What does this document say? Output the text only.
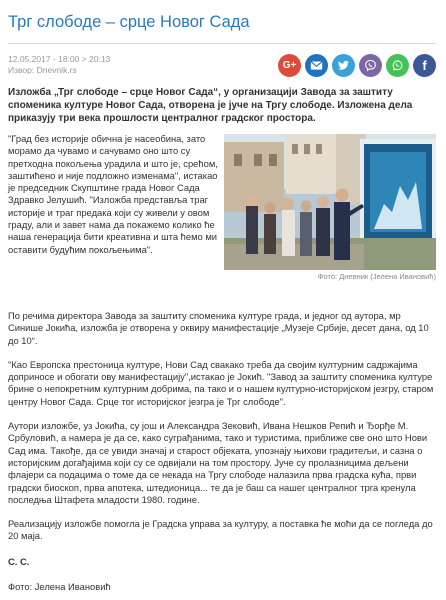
Трг слободе – срце Новог Сада
12.05.2017 - 18:00 > 20:13
Извор: Dnevnik.rs	G+	f

Изложба „Трг слободе – срце Новог Сада“, у организацији Завода за заштиту споменика културе Новог Сада, отворена је јуче на Тргу слободе. Изложена дела приказују три века прошлости централног градског простора.

"Град без историје обична је насеобина, зато морамо да чувамо и сачувамо оно што су претходна покољења урадила и што је, срећом, заштићено и није подложно изменама", истакао је председник Скупштине града Новог Сада Здравко Јелушић. "Изложба представља траг историје и траг предака који су живели у овом граду, али и завет нама да покажемо колико ће наша генерација бити креативна и шта ћемо ми оставити будућим покољењима".

Фото: Дневник (Јелена Ивановић)

По речима директора Завода за заштиту споменика културе града, и једног од аутора, мр Синише Јокића, изложба је отворена у оквиру манифестације „Музеје Србије, десет дана, од 10 до 10“.

"Као Европска престоница културе, Нови Сад свакако треба да својим културним садржајима доприносе и обогати ову манифестацију",истакао је Јокић. "Завод за заштиту споменика културе брине о непокретним културним добрима, па тако и о нашем културно-историјском језгру, старом центру Новог Сада. Срце тог историјског језгра је Трг слободе".

Аутори изложбе, уз Јокића, су још и Александра Зековић, Ивана Нешков Репић и Ђорђе М. Србуловић, а намера је да се, како суграђанима, тако и туристима, приближе све оно што Нови Сад има. Такође, да се увиди значај и старост објеката, упознају њихови градитељи, и сазна о историјским догађајима који су се одвијали на том простору. Јуче су пролазницима дељени флајери са подацима о томе да се некада на Тргу слободе налазила прва градска кућа, први градски биоскоп, прва апотека, штедионица... те да је баш са нашег централног трга кренула последња Штафета младости 1980. године.

Реализацију изложбе помогла је Градска управа за културу, а поставка ће моћи да се погледа до 20 маја.

С. С.

Фото: Јелена Ивановић
